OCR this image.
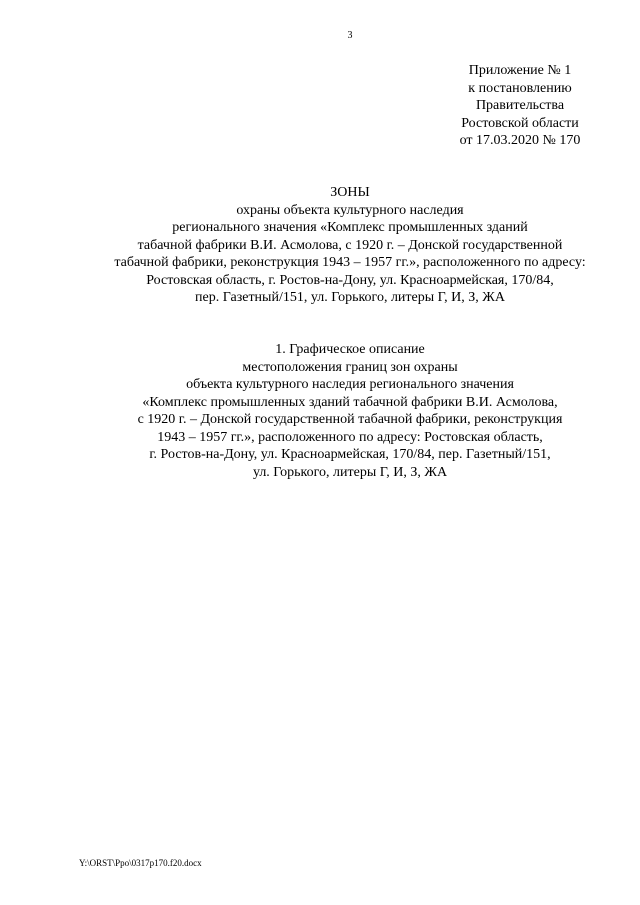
3
Приложение № 1
к постановлению
Правительства
Ростовской области
от 17.03.2020 № 170
ЗОНЫ
охраны объекта культурного наследия
регионального значения «Комплекс промышленных зданий
табачной фабрики В.И. Асмолова, с 1920 г. – Донской государственной
табачной фабрики, реконструкция 1943 – 1957 гг.», расположенного по адресу:
Ростовская область, г. Ростов-на-Дону, ул. Красноармейская, 170/84,
пер. Газетный/151, ул. Горького, литеры Г, И, З, ЖА
1. Графическое описание
местоположения границ зон охраны
объекта культурного наследия регионального значения
«Комплекс промышленных зданий табачной фабрики В.И. Асмолова,
с 1920 г. – Донской государственной табачной фабрики, реконструкция
1943 – 1957 гг.», расположенного по адресу: Ростовская область,
г. Ростов-на-Дону, ул. Красноармейская, 170/84, пер. Газетный/151,
ул. Горького, литеры Г, И, З, ЖА
Y:\ORST\Ppo\0317p170.f20.docx
